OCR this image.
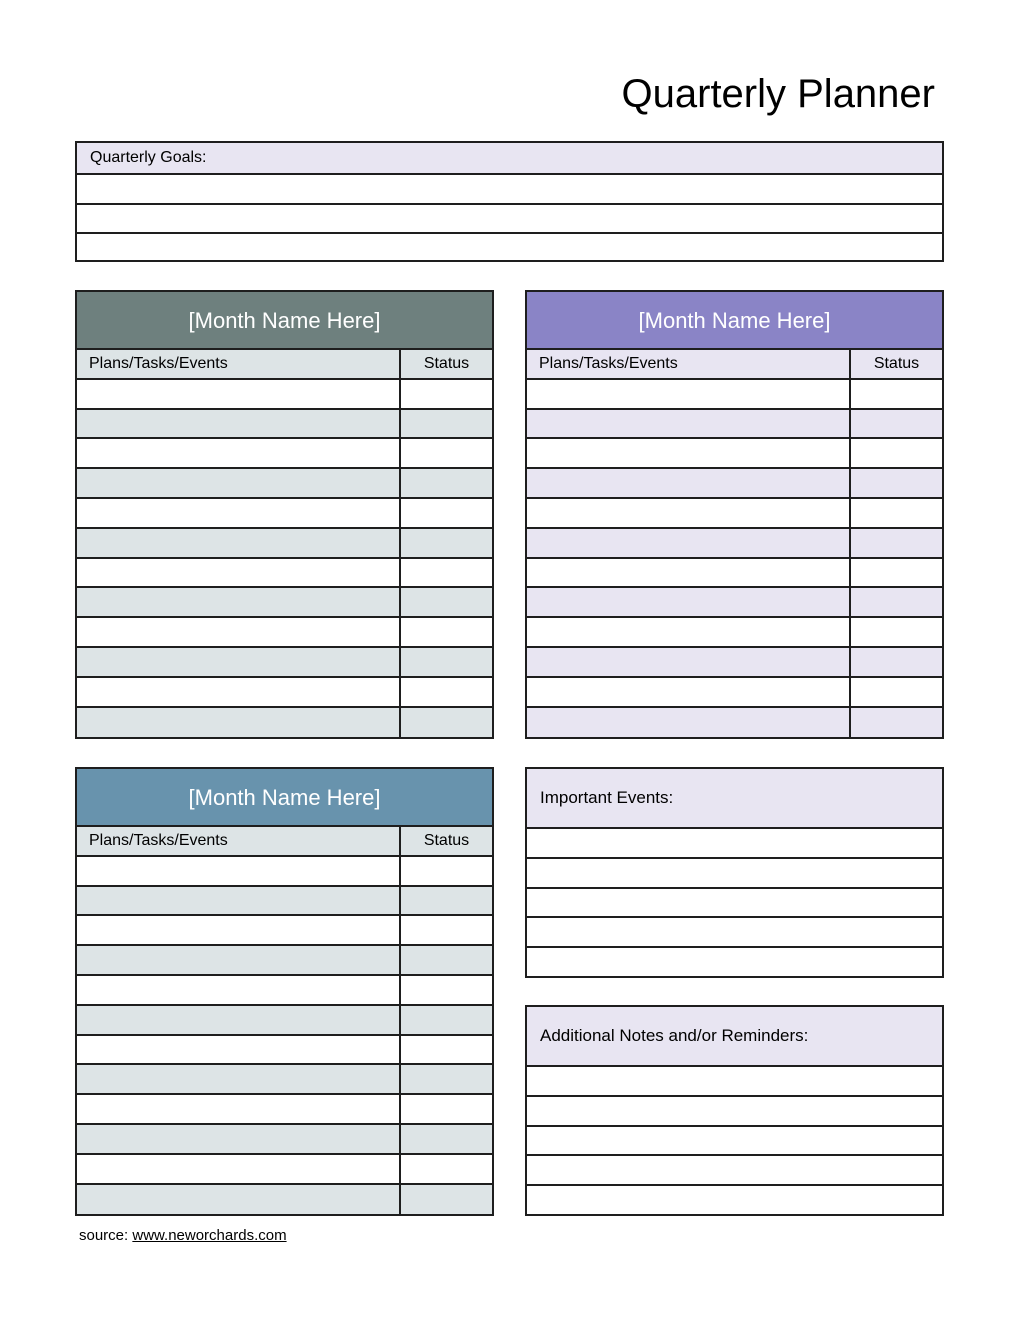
Quarterly Planner
Quarterly Goals:
[Month Name Here]
Plans/Tasks/Events	Status
[Month Name Here]
Plans/Tasks/Events	Status
[Month Name Here]
Plans/Tasks/Events	Status
Important Events:
Additional Notes and/or Reminders:
source: www.neworchards.com
